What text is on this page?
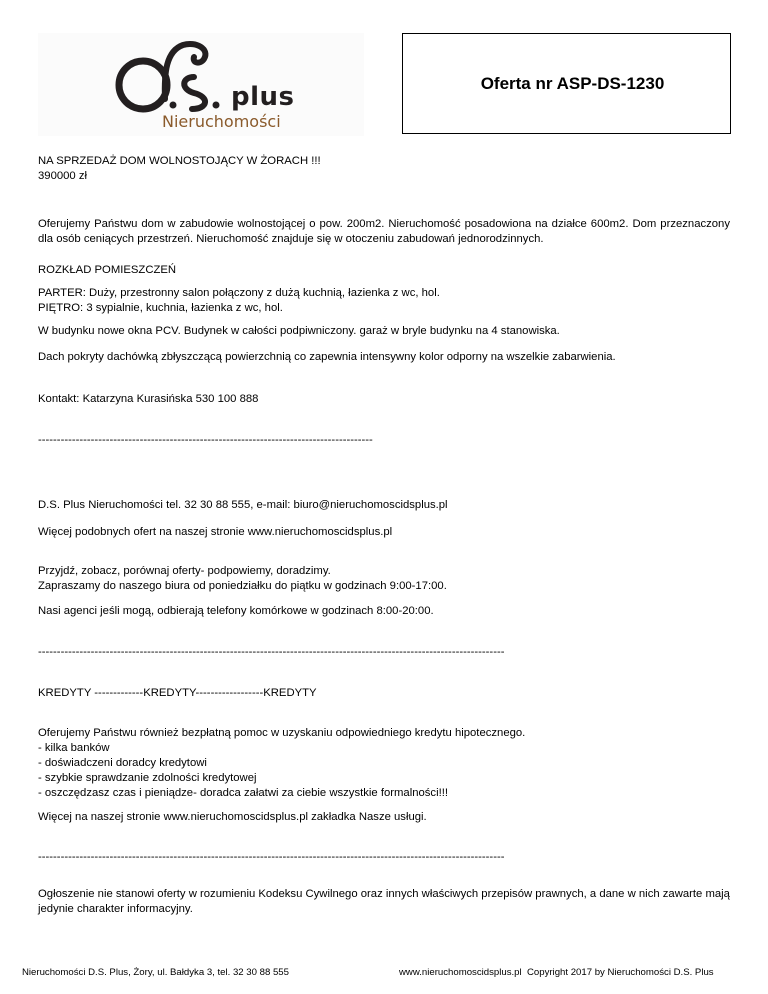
plus
Nieruchomości
Oferta nr ASP-DS-1230
NA SPRZEDAŻ DOM WOLNOSTOJĄCY W ŻORACH !!!
390000 zł
Oferujemy Państwu dom w zabudowie wolnostojącej o pow. 200m2. Nieruchomość posadowiona na działce 600m2. Dom przeznaczony dla osób ceniących przestrzeń. Nieruchomość znajduje się w otoczeniu zabudowań jednorodzinnych.
ROZKŁAD POMIESZCZEŃ
PARTER: Duży, przestronny salon połączony z dużą kuchnią, łazienka z wc, hol.
PIĘTRO: 3 sypialnie, kuchnia, łazienka z wc, hol.
W budynku nowe okna PCV. Budynek w całości podpiwniczony. garaż w bryle budynku na 4 stanowiska.
Dach pokryty dachówką zbłyszczącą powierzchnią co zapewnia intensywny kolor odporny na wszelkie zabarwienia.
Kontakt: Katarzyna Kurasińska 530 100 888
-----------------------------------------------------------------------------------------
D.S. Plus Nieruchomości tel. 32 30 88 555, e-mail: biuro@nieruchomoscidsplus.pl
Więcej podobnych ofert na naszej stronie www.nieruchomoscidsplus.pl
Przyjdź, zobacz, porównaj oferty- podpowiemy, doradzimy.
Zapraszamy do naszego biura od poniedziałku do piątku w godzinach 9:00-17:00.
Nasi agenci jeśli mogą, odbierają telefony komórkowe w godzinach 8:00-20:00.
----------------------------------------------------------------------------------------------------------------------------
KREDYTY -------------KREDYTY------------------KREDYTY
Oferujemy Państwu również bezpłatną pomoc w uzyskaniu odpowiedniego kredytu hipotecznego.
- kilka banków
- doświadczeni doradcy kredytowi
- szybkie sprawdzanie zdolności kredytowej
- oszczędzasz czas i pieniądze- doradca załatwi za ciebie wszystkie formalności!!!
Więcej na naszej stronie www.nieruchomoscidsplus.pl zakładka Nasze usługi.
----------------------------------------------------------------------------------------------------------------------------
Ogłoszenie nie stanowi oferty w rozumieniu Kodeksu Cywilnego oraz innych właściwych przepisów prawnych, a dane w nich zawarte mają jedynie charakter informacyjny.
Nieruchomości D.S. Plus, Żory, ul. Bałdyka 3, tel. 32 30 88 555	www.nieruchomoscidsplus.pl  Copyright 2017 by Nieruchomości D.S. Plus
